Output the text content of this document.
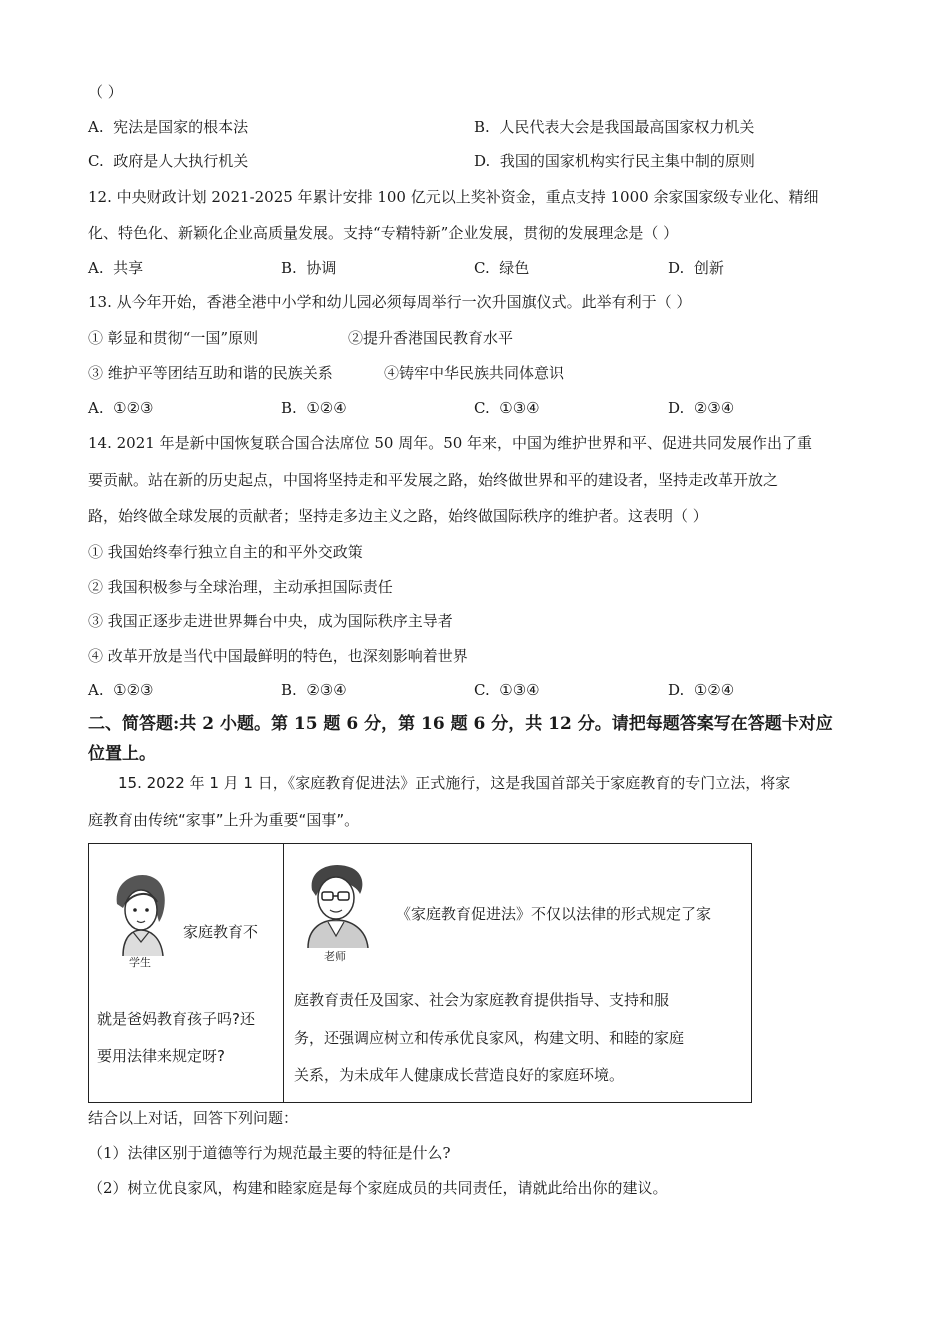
（ ）
A. 宪法是国家的根本法	B. 人民代表大会是我国最高国家权力机关
C. 政府是人大执行机关	D. 我国的国家机构实行民主集中制的原则
12. 中央财政计划 2021-2025 年累计安排 100 亿元以上奖补资金，重点支持 1000 余家国家级专业化、精细
化、特色化、新颖化企业高质量发展。支持“专精特新”企业发展，贯彻的发展理念是（ ）
A. 共享	B. 协调	C. 绿色	D. 创新
13. 从今年开始，香港全港中小学和幼儿园必须每周举行一次升国旗仪式。此举有利于（ ）
① 彰显和贯彻“一国”原则	②提升香港国民教育水平
③ 维护平等团结互助和谐的民族关系	④铸牢中华民族共同体意识
A. ①②③	B. ①②④	C. ①③④	D. ②③④
14. 2021 年是新中国恢复联合国合法席位 50 周年。50 年来，中国为维护世界和平、促进共同发展作出了重
要贡献。站在新的历史起点，中国将坚持走和平发展之路，始终做世界和平的建设者，坚持走改革开放之
路，始终做全球发展的贡献者；坚持走多边主义之路，始终做国际秩序的维护者。这表明（ ）
① 我国始终奉行独立自主的和平外交政策
② 我国积极参与全球治理，主动承担国际责任
③ 我国正逐步走进世界舞台中央，成为国际秩序主导者
④ 改革开放是当代中国最鲜明的特色，也深刻影响着世界
A. ①②③	B. ②③④	C. ①③④	D. ①②④
二、简答题:共 2 小题。第 15 题 6 分，第 16 题 6 分，共 12 分。请把每题答案写在答题卡对应
位置上。
15. 2022 年 1 月 1 日，《家庭教育促进法》正式施行，这是我国首部关于家庭教育的专门立法，将家
庭教育由传统“家事”上升为重要“国事”。
学生
家庭教育不
就是爸妈教育孩子吗?还
要用法律来规定呀?

老师
《家庭教育促进法》不仅以法律的形式规定了家
庭教育责任及国家、社会为家庭教育提供指导、支持和服
务，还强调应树立和传承优良家风，构建文明、和睦的家庭
关系，为未成年人健康成长营造良好的家庭环境。
结合以上对话，回答下列问题：
（1）法律区别于道德等行为规范最主要的特征是什么?
（2）树立优良家风，构建和睦家庭是每个家庭成员的共同责任，请就此给出你的建议。
